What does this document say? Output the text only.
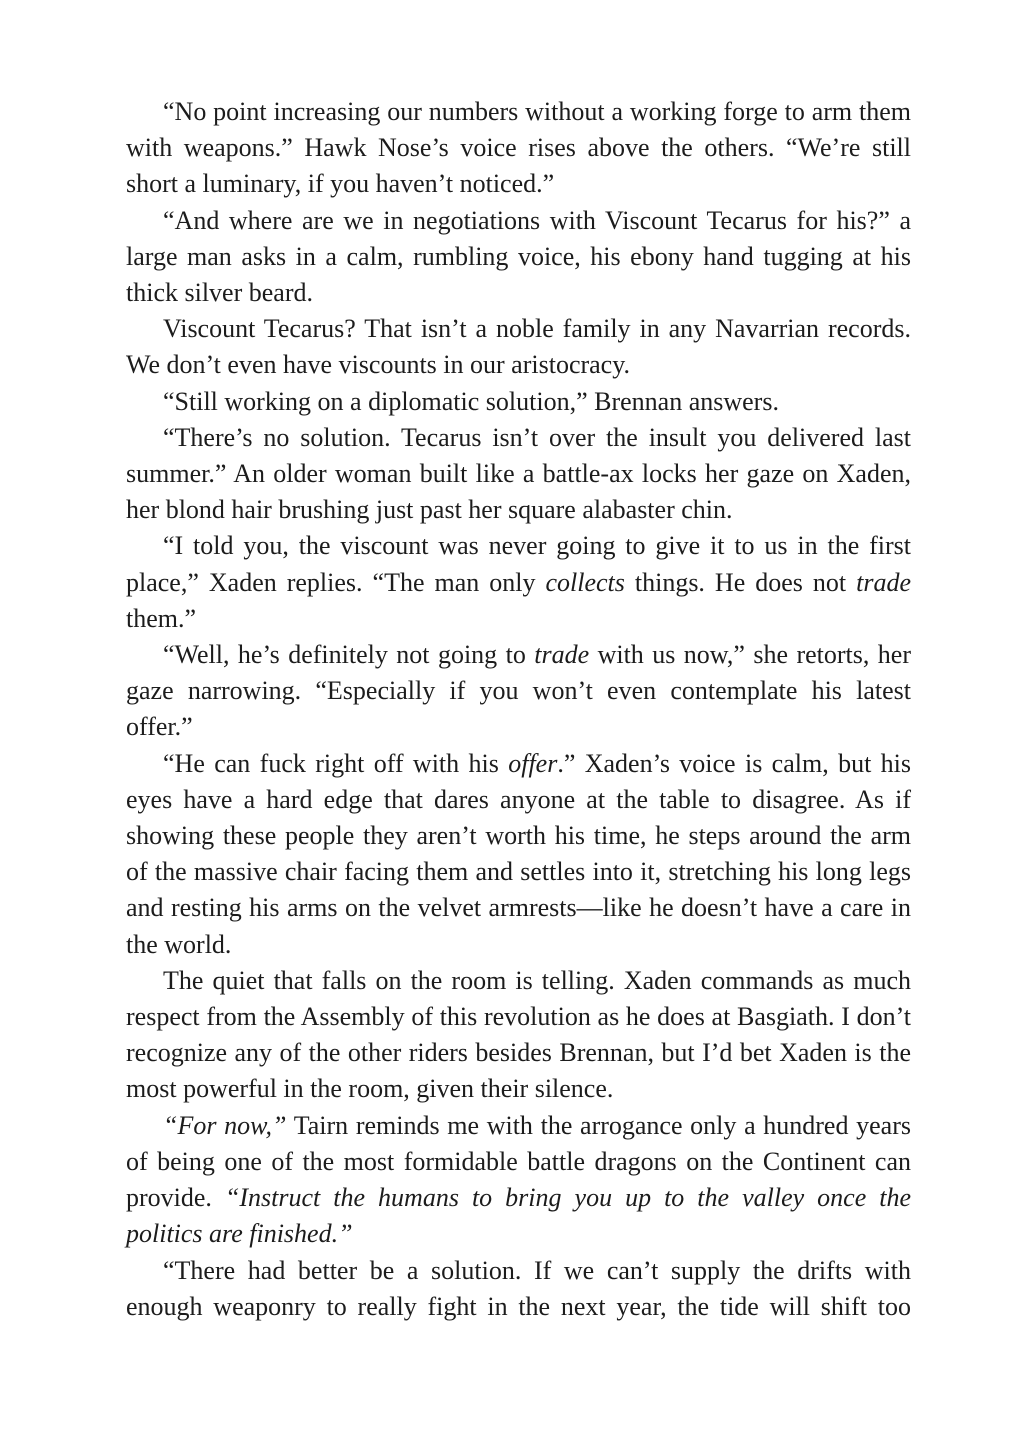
“No point increasing our numbers without a working forge to arm them with weapons.” Hawk Nose’s voice rises above the others. “We’re still short a luminary, if you haven’t noticed.”

“And where are we in negotiations with Viscount Tecarus for his?” a large man asks in a calm, rumbling voice, his ebony hand tugging at his thick silver beard.

Viscount Tecarus? That isn’t a noble family in any Navarrian records. We don’t even have viscounts in our aristocracy.

“Still working on a diplomatic solution,” Brennan answers.

“There’s no solution. Tecarus isn’t over the insult you delivered last summer.” An older woman built like a battle-ax locks her gaze on Xaden, her blond hair brushing just past her square alabaster chin.

“I told you, the viscount was never going to give it to us in the first place,” Xaden replies. “The man only collects things. He does not trade them.”

“Well, he’s definitely not going to trade with us now,” she retorts, her gaze narrowing. “Especially if you won’t even contemplate his latest offer.”

“He can fuck right off with his offer.” Xaden’s voice is calm, but his eyes have a hard edge that dares anyone at the table to disagree. As if showing these people they aren’t worth his time, he steps around the arm of the massive chair facing them and settles into it, stretching his long legs and resting his arms on the velvet armrests—like he doesn’t have a care in the world.

The quiet that falls on the room is telling. Xaden commands as much respect from the Assembly of this revolution as he does at Basgiath. I don’t recognize any of the other riders besides Brennan, but I’d bet Xaden is the most powerful in the room, given their silence.

“For now,” Tairn reminds me with the arrogance only a hundred years of being one of the most formidable battle dragons on the Continent can provide. “Instruct the humans to bring you up to the valley once the politics are finished.”

“There had better be a solution. If we can’t supply the drifts with enough weaponry to really fight in the next year, the tide will shift too
